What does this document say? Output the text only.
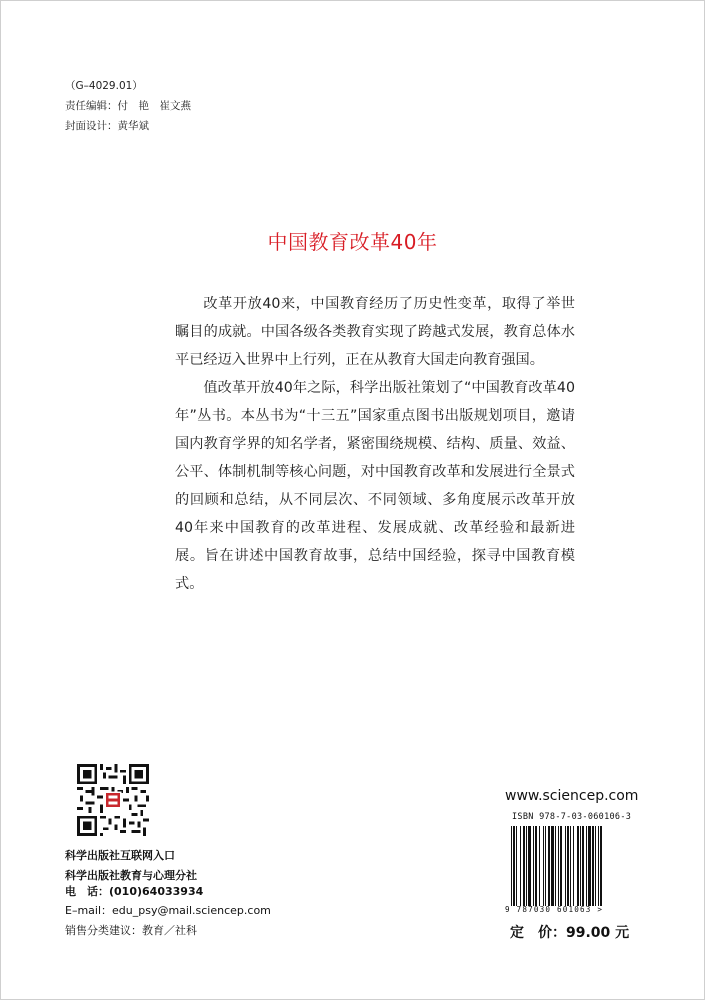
（G–4029.01）
责任编辑：付　艳　崔文燕
封面设计：黄华斌
中国教育改革40年

改革开放40来，中国教育经历了历史性变革，取得了举世瞩目的成就。中国各级各类教育实现了跨越式发展，教育总体水平已经迈入世界中上行列，正在从教育大国走向教育强国。

值改革开放40年之际，科学出版社策划了“中国教育改革40年”丛书。本丛书为“十三五”国家重点图书出版规划项目，邀请国内教育学界的知名学者，紧密围绕规模、结构、质量、效益、公平、体制机制等核心问题，对中国教育改革和发展进行全景式的回顾和总结，从不同层次、不同领域、多角度展示改革开放40年来中国教育的改革进程、发展成就、改革经验和最新进展。旨在讲述中国教育故事，总结中国经验，探寻中国教育模式。

科学出版社互联网入口
科学出版社教育与心理分社
电　话：(010)64033934
E–mail：edu_psy@mail.sciencep.com
销售分类建议：教育／社科
www.sciencep.com
ISBN 978-7-03-060106-3
9 787030 601063 >
定　价：99.00 元
